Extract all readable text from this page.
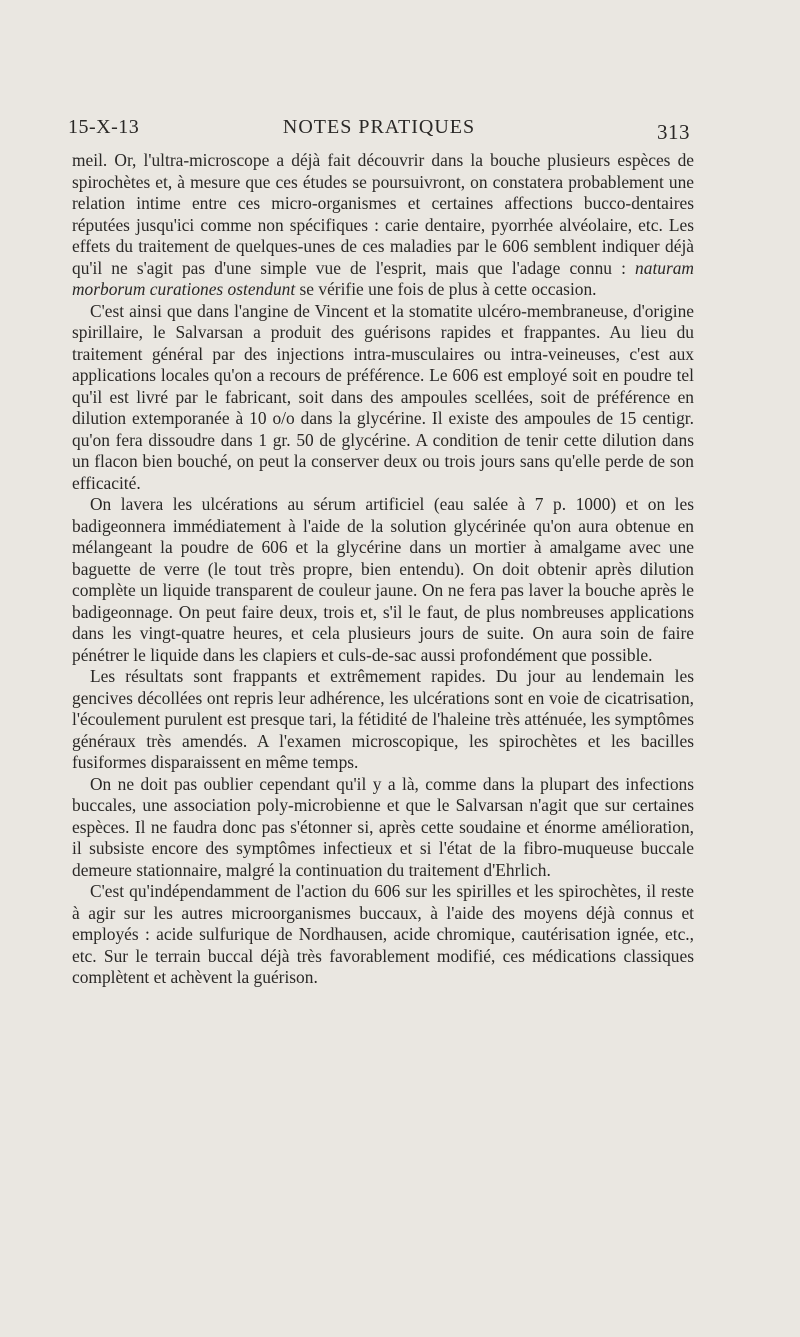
15-X-13	NOTES PRATIQUES	313

meil. Or, l'ultra-microscope a déjà fait découvrir dans la bouche plusieurs espèces de spirochètes et, à mesure que ces études se poursuivront, on constatera probablement une relation intime entre ces micro-organismes et certaines affections bucco-dentaires réputées jusqu'ici comme non spécifiques : carie dentaire, pyorrhée alvéolaire, etc. Les effets du traitement de quelques-unes de ces maladies par le 606 semblent indiquer déjà qu'il ne s'agit pas d'une simple vue de l'esprit, mais que l'adage connu : naturam morborum curationes ostendunt se vérifie une fois de plus à cette occasion.

C'est ainsi que dans l'angine de Vincent et la stomatite ulcéro-membraneuse, d'origine spirillaire, le Salvarsan a produit des guérisons rapides et frappantes. Au lieu du traitement général par des injections intra-musculaires ou intra-veineuses, c'est aux applications locales qu'on a recours de préférence. Le 606 est employé soit en poudre tel qu'il est livré par le fabricant, soit dans des ampoules scellées, soit de préférence en dilution extemporanée à 10 o/o dans la glycérine. Il existe des ampoules de 15 centigr. qu'on fera dissoudre dans 1 gr. 50 de glycérine. A condition de tenir cette dilution dans un flacon bien bouché, on peut la conserver deux ou trois jours sans qu'elle perde de son efficacité.

On lavera les ulcérations au sérum artificiel (eau salée à 7 p. 1000) et on les badigeonnera immédiatement à l'aide de la solution glycérinée qu'on aura obtenue en mélangeant la poudre de 606 et la glycérine dans un mortier à amalgame avec une baguette de verre (le tout très propre, bien entendu). On doit obtenir après dilution complète un liquide transparent de couleur jaune. On ne fera pas laver la bouche après le badigeonnage. On peut faire deux, trois et, s'il le faut, de plus nombreuses applications dans les vingt-quatre heures, et cela plusieurs jours de suite. On aura soin de faire pénétrer le liquide dans les clapiers et culs-de-sac aussi profondément que possible.

Les résultats sont frappants et extrêmement rapides. Du jour au lendemain les gencives décollées ont repris leur adhérence, les ulcérations sont en voie de cicatrisation, l'écoulement purulent est presque tari, la fétidité de l'haleine très atténuée, les symptômes généraux très amendés. A l'examen microscopique, les spirochètes et les bacilles fusiformes disparaissent en même temps.

On ne doit pas oublier cependant qu'il y a là, comme dans la plupart des infections buccales, une association poly-microbienne et que le Salvarsan n'agit que sur certaines espèces. Il ne faudra donc pas s'étonner si, après cette soudaine et énorme amélioration, il subsiste encore des symptômes infectieux et si l'état de la fibro-muqueuse buccale demeure stationnaire, malgré la continuation du traitement d'Ehrlich.

C'est qu'indépendamment de l'action du 606 sur les spirilles et les spirochètes, il reste à agir sur les autres microorganismes buccaux, à l'aide des moyens déjà connus et employés : acide sulfurique de Nordhausen, acide chromique, cautérisation ignée, etc., etc. Sur le terrain buccal déjà très favorablement modifié, ces médications classiques complètent et achèvent la guérison.
